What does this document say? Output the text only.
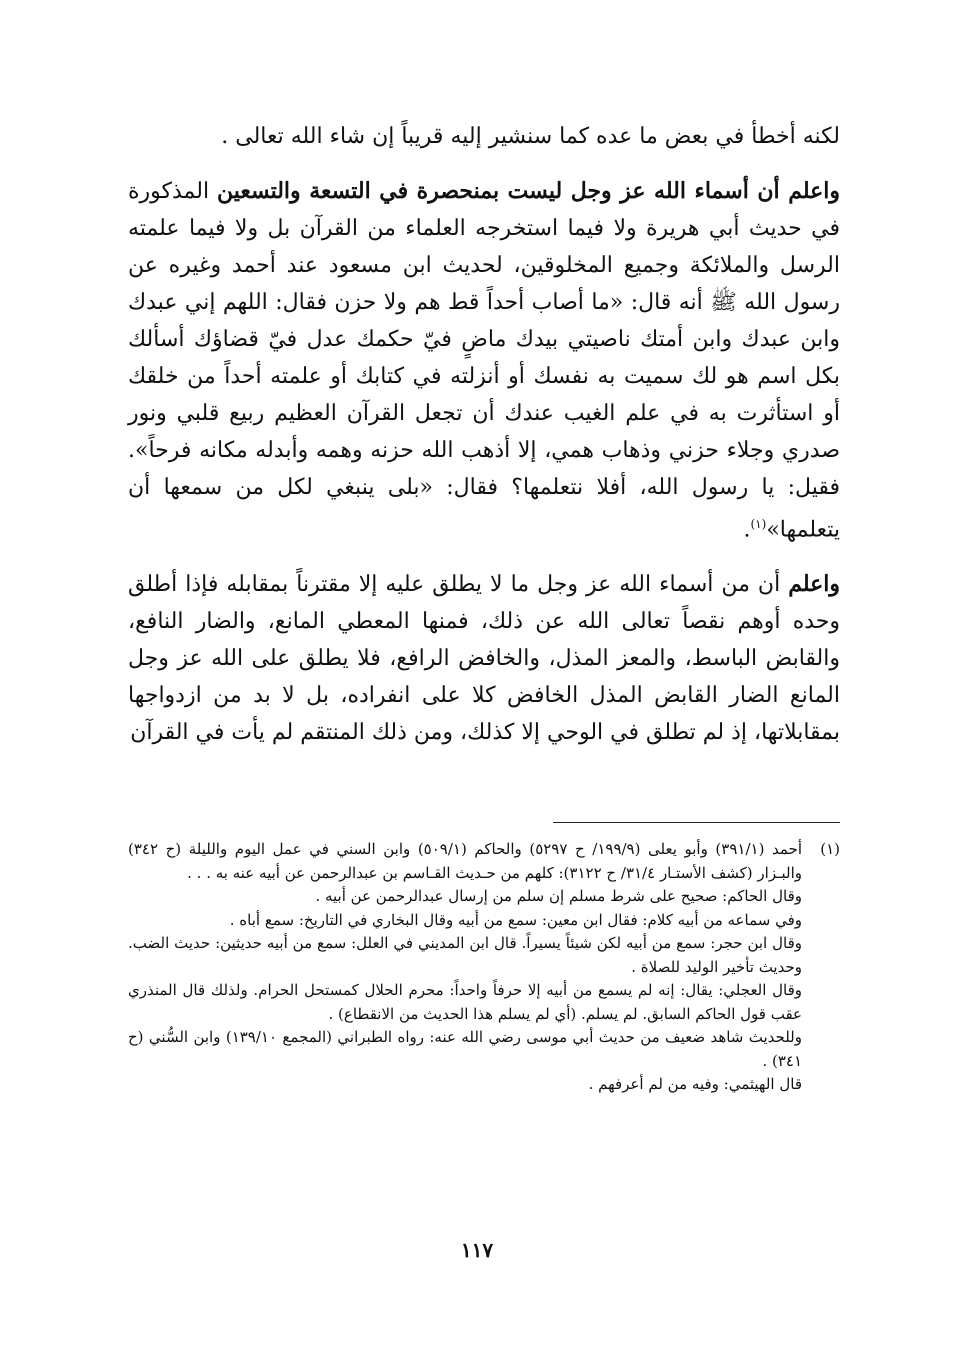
لكنه أخطأ في بعض ما عده كما سنشير إليه قريباً إن شاء الله تعالى .

واعلم أن أسماء الله عز وجل ليست بمنحصرة في التسعة والتسعين المذكورة في حديث أبي هريرة ولا فيما استخرجه العلماء من القرآن بل ولا فيما علمته الرسل والملائكة وجميع المخلوقين، لحديث ابن مسعود عند أحمد وغيره عن رسول الله ﷺ أنه قال: «ما أصاب أحداً قط هم ولا حزن فقال: اللهم إني عبدك وابن عبدك وابن أمتك ناصيتي بيدك ماضٍ فيّ حكمك عدل فيّ قضاؤك أسألك بكل اسم هو لك سميت به نفسك أو أنزلته في كتابك أو علمته أحداً من خلقك أو استأثرت به في علم الغيب عندك أن تجعل القرآن العظيم ربيع قلبي ونور صدري وجلاء حزني وذهاب همي، إلا أذهب الله حزنه وهمه وأبدله مكانه فرحاً». فقيل: يا رسول الله، أفلا نتعلمها؟ فقال: «بلى ينبغي لكل من سمعها أن يتعلمها»$^{(١)}$.

واعلم أن من أسماء الله عز وجل ما لا يطلق عليه إلا مقترناً بمقابله فإذا أطلق وحده أوهم نقصاً تعالى الله عن ذلك، فمنها المعطي المانع، والضار النافع، والقابض الباسط، والمعز المذل، والخافض الرافع، فلا يطلق على الله عز وجل المانع الضار القابض المذل الخافض كلا على انفراده، بل لا بد من ازدواجها بمقابلاتها، إذ لم تطلق في الوحي إلا كذلك، ومن ذلك المنتقم لم يأت في القرآن

(١)

أحمد (٣٩١/١) وأبو يعلى (١٩٩/٩/ ح ٥٢٩٧) والحاكم (٥٠٩/١) وابن السني في عمل اليوم والليلة (ح ٣٤٢) والبـزار (كشف الأستـار ٣١/٤/ ح ٣١٢٢): كلهم من حـديث القـاسم بن عبدالرحمن عن أبيه عنه به . . .

وقال الحاكم: صحيح على شرط مسلم إن سلم من إرسال عبدالرحمن عن أبيه .

وفي سماعه من أبيه كلام: فقال ابن معين: سمع من أبيه وقال البخاري في التاريخ: سمع أباه .

وقال ابن حجر: سمع من أبيه لكن شيئاً يسيراً. قال ابن المديني في العلل: سمع من أبيه حديثين: حديث الضب. وحديث تأخير الوليد للصلاة .

وقال العجلي: يقال: إنه لم يسمع من أبيه إلا حرفاً واحداً: محرم الحلال كمستحل الحرام. ولذلك قال المنذري عقب قول الحاكم السابق. لم يسلم. (أي لم يسلم هذا الحديث من الانقطاع) .

وللحديث شاهد ضعيف من حديث أبي موسى رضي الله عنه: رواه الطبراني (المجمع ١٣٩/١٠) وابن السُّني (ح ٣٤١) .

قال الهيثمي: وفيه من لم أعرفهم .

١١٧
